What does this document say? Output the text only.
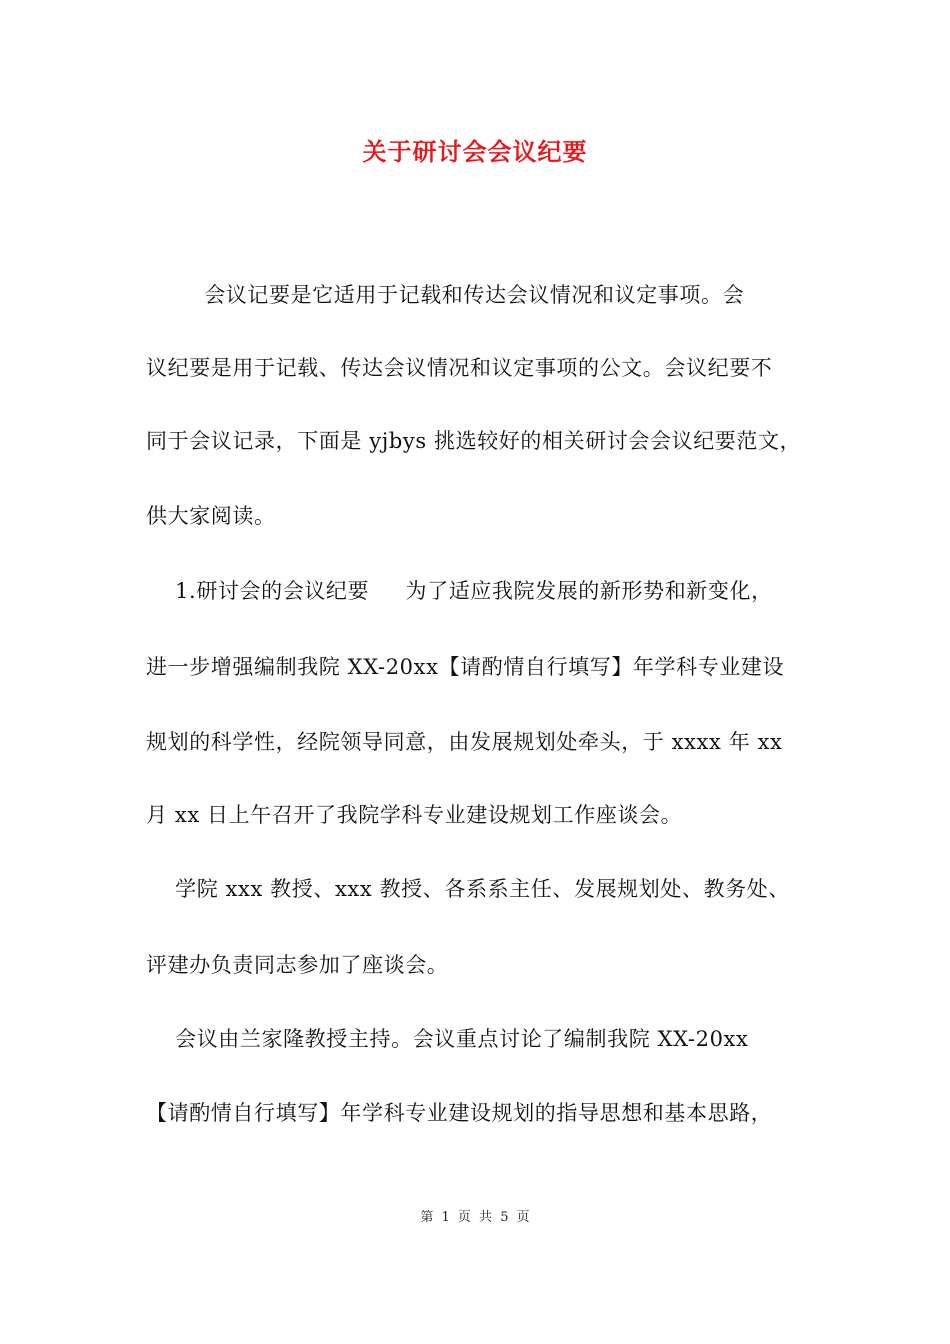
关于研讨会会议纪要
会议记要是它适用于记载和传达会议情况和议定事项。会
议纪要是用于记载、传达会议情况和议定事项的公文。会议纪要不
同于会议记录，下面是 yjbys 挑选较好的相关研讨会会议纪要范文，
供大家阅读。
1.研讨会的会议纪要     为了适应我院发展的新形势和新变化，
进一步增强编制我院 XX-20xx【请酌情自行填写】年学科专业建设
规划的科学性，经院领导同意，由发展规划处牵头，于 xxxx 年 xx
月 xx 日上午召开了我院学科专业建设规划工作座谈会。
学院 xxx 教授、xxx 教授、各系系主任、发展规划处、教务处、
评建办负责同志参加了座谈会。
会议由兰家隆教授主持。会议重点讨论了编制我院 XX-20xx
【请酌情自行填写】年学科专业建设规划的指导思想和基本思路，
第 1 页 共 5 页
